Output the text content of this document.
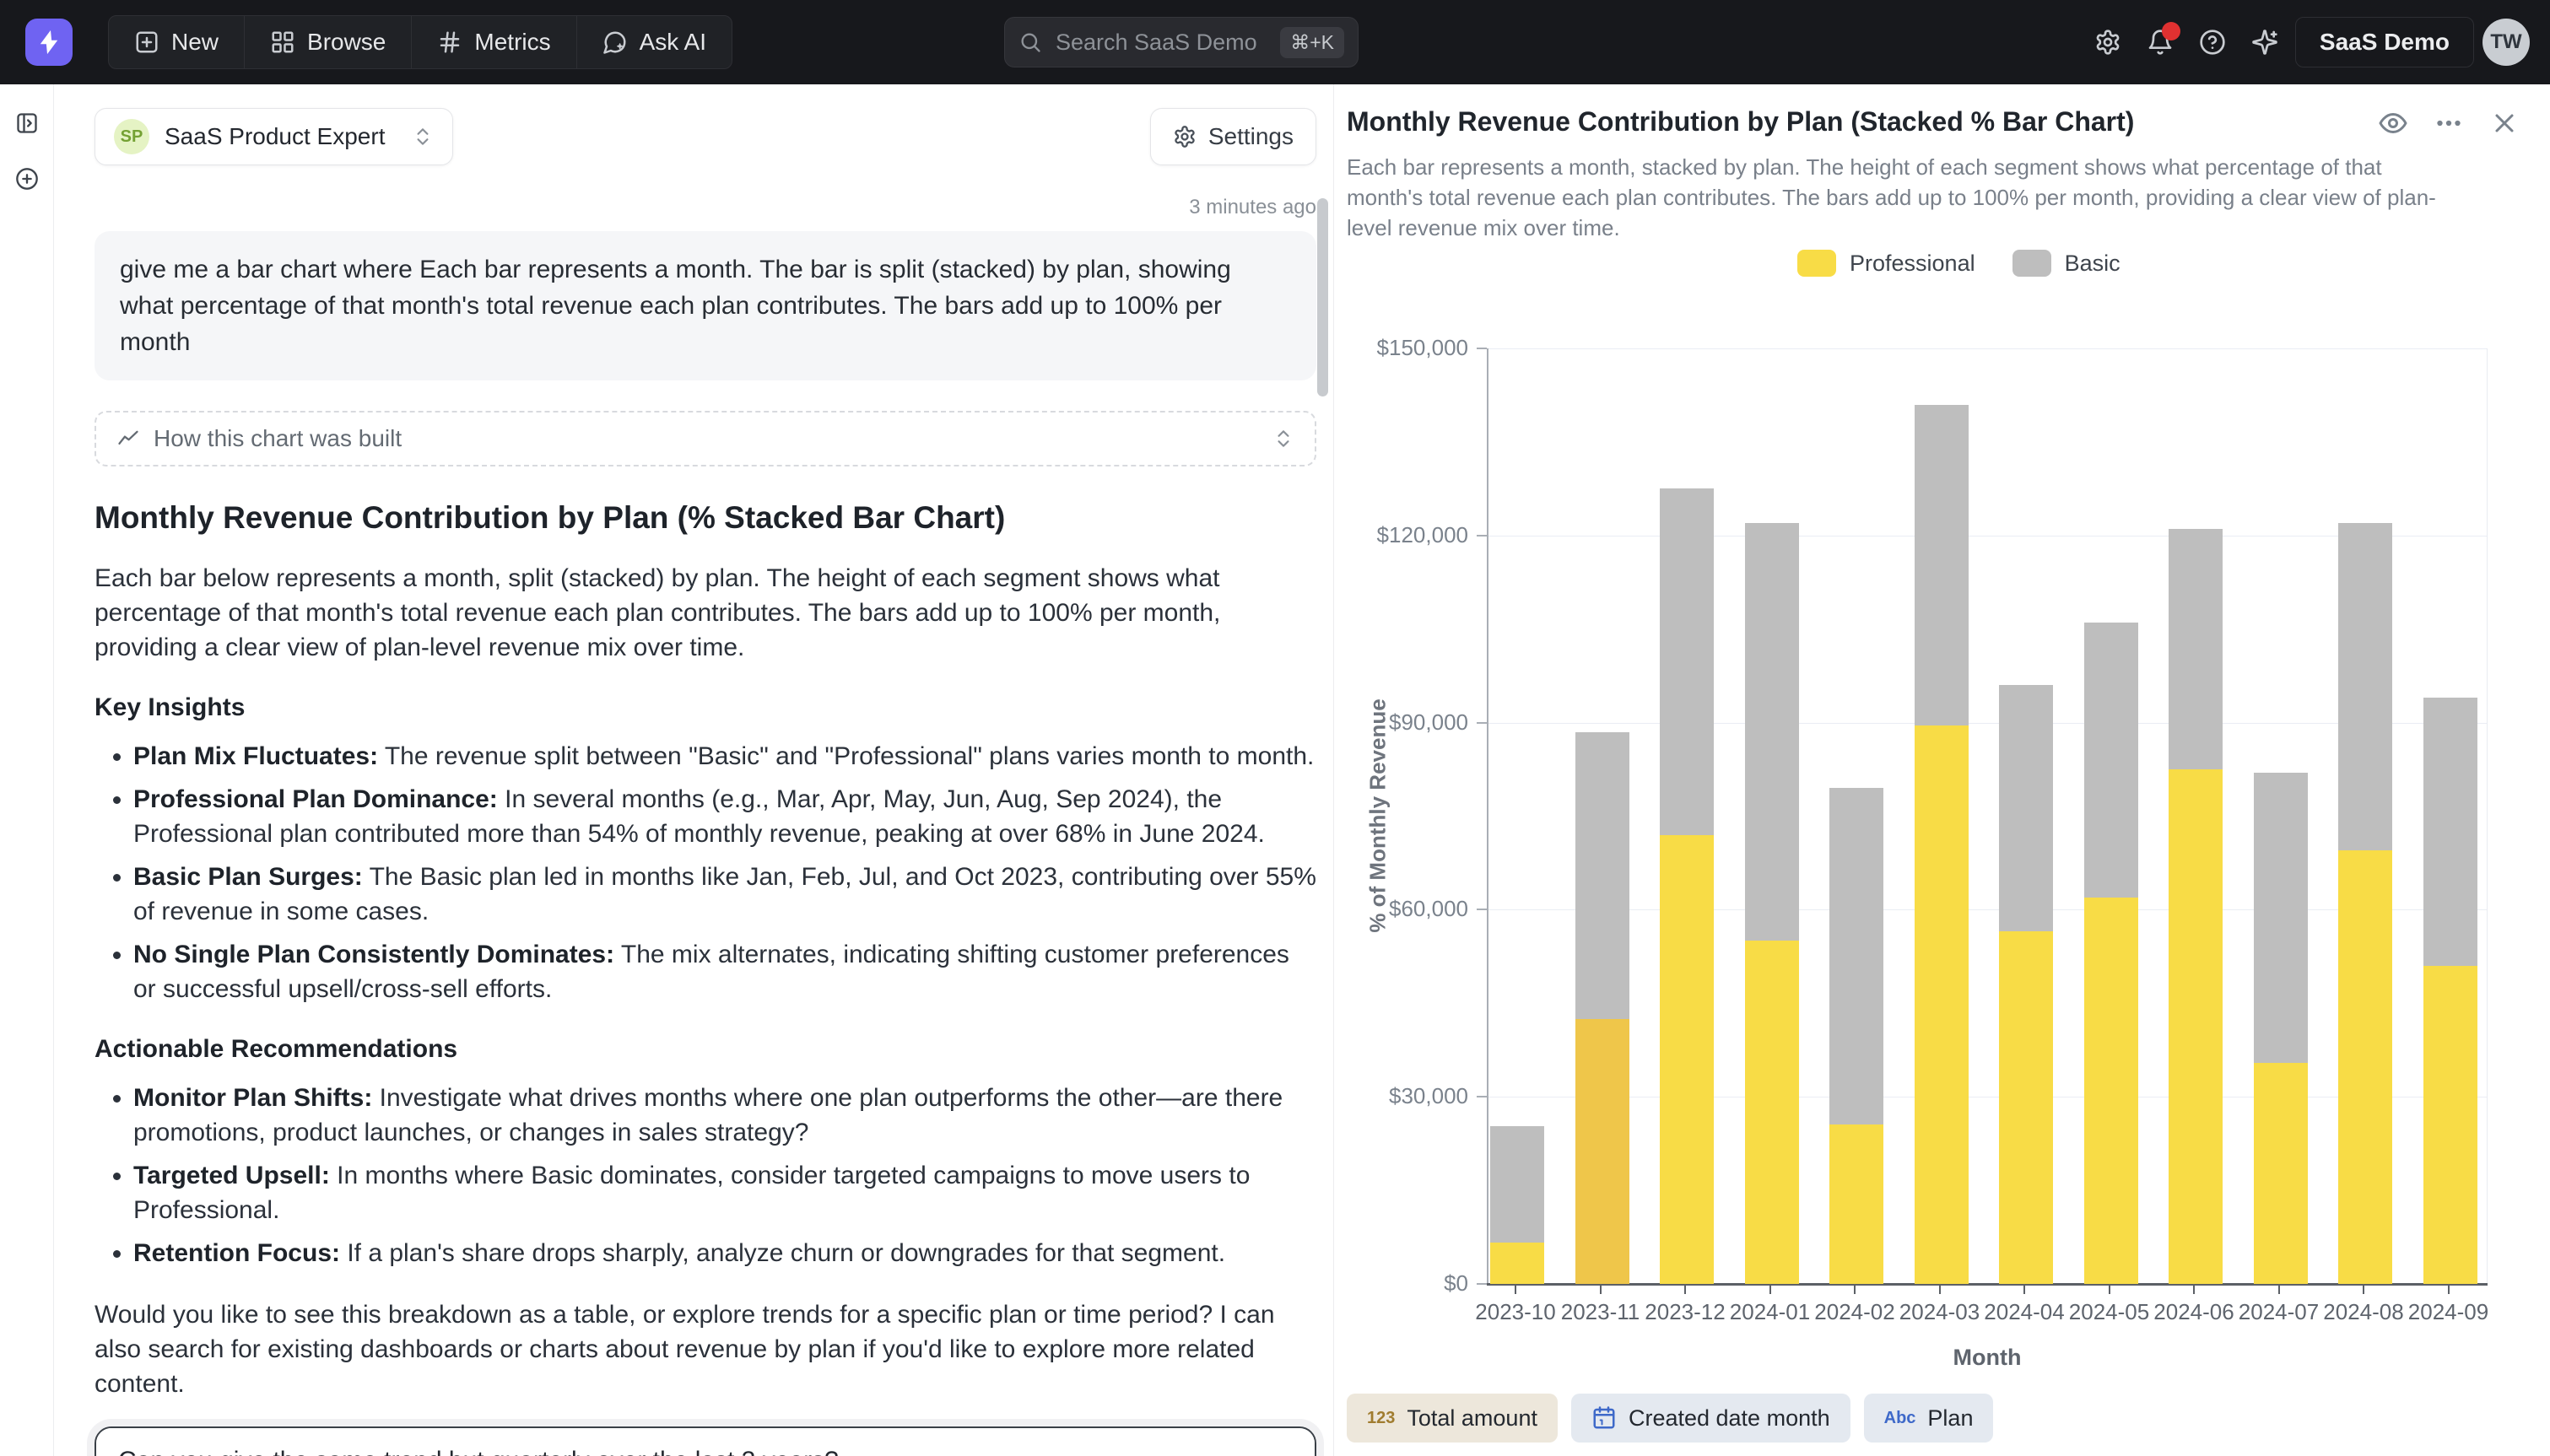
New	Browse	Metrics	Ask AI
Search SaaS Demo	⌘+K	SaaS Demo	TW
SP SaaS Product Expert	Settings
3 minutes ago
give me a bar chart where Each bar represents a month. The bar is split (stacked) by plan, showing what percentage of that month's total revenue each plan contributes. The bars add up to 100% per month
How this chart was built
Monthly Revenue Contribution by Plan (% Stacked Bar Chart)
Each bar below represents a month, split (stacked) by plan. The height of each segment shows what percentage of that month's total revenue each plan contributes. The bars add up to 100% per month, providing a clear view of plan-level revenue mix over time.
Key Insights
• Plan Mix Fluctuates: The revenue split between "Basic" and "Professional" plans varies month to month.
• Professional Plan Dominance: In several months (e.g., Mar, Apr, May, Jun, Aug, Sep 2024), the Professional plan contributed more than 54% of monthly revenue, peaking at over 68% in June 2024.
• Basic Plan Surges: The Basic plan led in months like Jan, Feb, Jul, and Oct 2023, contributing over 55% of revenue in some cases.
• No Single Plan Consistently Dominates: The mix alternates, indicating shifting customer preferences or successful upsell/cross-sell efforts.
Actionable Recommendations
• Monitor Plan Shifts: Investigate what drives months where one plan outperforms the other—are there promotions, product launches, or changes in sales strategy?
• Targeted Upsell: In months where Basic dominates, consider targeted campaigns to move users to Professional.
• Retention Focus: If a plan's share drops sharply, analyze churn or downgrades for that segment.
Would you like to see this breakdown as a table, or explore trends for a specific plan or time period? I can also search for existing dashboards or charts about revenue by plan if you'd like to explore more related content.
Can you give the same trend but quarterly over the last 3 years?
Monthly Revenue Contribution by Plan (Stacked % Bar Chart)
Each bar represents a month, stacked by plan. The height of each segment shows what percentage of that month's total revenue each plan contributes. The bars add up to 100% per month, providing a clear view of plan-level revenue mix over time.
Professional	Basic
% of Monthly Revenue
$0
$30,000
$60,000
$90,000
$120,000
$150,000
2023-10 2023-11 2023-12 2024-01 2024-02 2024-03 2024-04 2024-05 2024-06 2024-07 2024-08 2024-09
Month
123 Total amount	Created date month	Abc Plan
